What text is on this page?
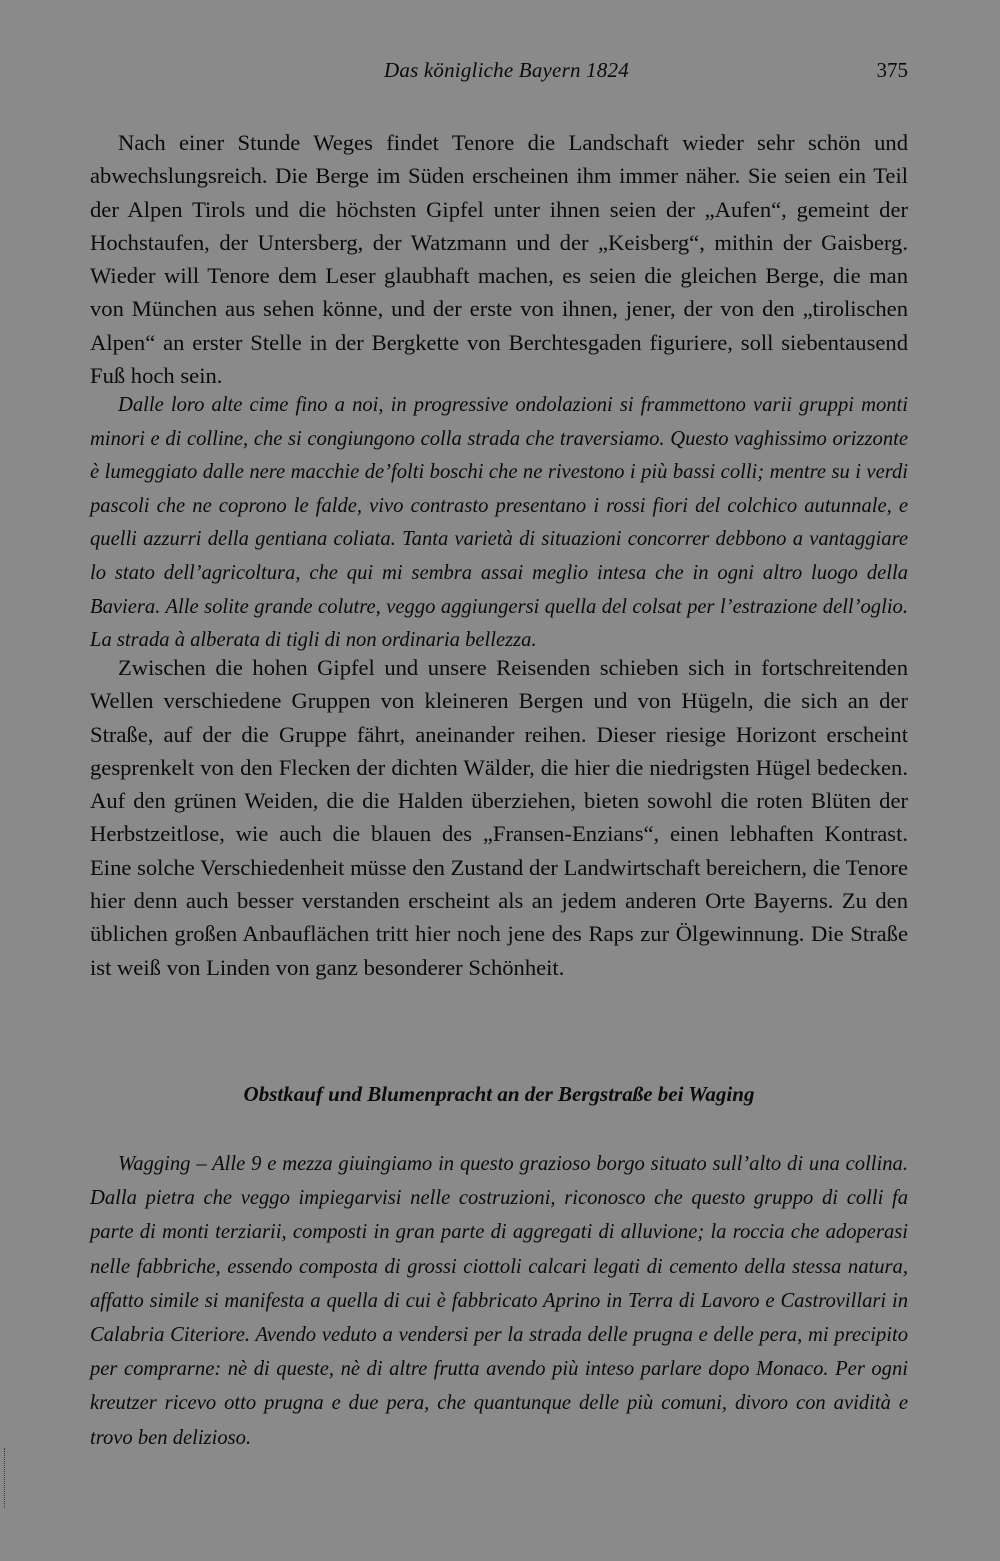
Das königliche Bayern 1824	375

Nach einer Stunde Weges findet Tenore die Landschaft wieder sehr schön und abwechslungsreich. Die Berge im Süden erscheinen ihm immer näher. Sie seien ein Teil der Alpen Tirols und die höchsten Gipfel unter ihnen seien der „Aufen“, gemeint der Hochstaufen, der Untersberg, der Watzmann und der „Keisberg“, mithin der Gaisberg. Wieder will Tenore dem Leser glaubhaft machen, es seien die gleichen Berge, die man von München aus sehen könne, und der erste von ihnen, jener, der von den „tirolischen Alpen“ an erster Stelle in der Bergkette von Berchtesgaden figuriere, soll siebentausend Fuß hoch sein.

Dalle loro alte cime fino a noi, in progressive ondolazioni si frammettono varii gruppi monti minori e di colline, che si congiungono colla strada che traversiamo. Questo vaghissimo orizzonte è lumeggiato dalle nere macchie de’folti boschi che ne rivestono i più bassi colli; mentre su i verdi pascoli che ne coprono le falde, vivo contrasto presentano i rossi fiori del colchico autunnale, e quelli azzurri della gentiana coliata. Tanta varietà di situazioni concorrer debbono a vantaggiare lo stato dell’agricoltura, che qui mi sembra assai meglio intesa che in ogni altro luogo della Baviera. Alle solite grande colutre, veggo aggiungersi quella del colsat per l’estrazione dell’oglio. La strada à alberata di tigli di non ordinaria bellezza.

Zwischen die hohen Gipfel und unsere Reisenden schieben sich in fortschreitenden Wellen verschiedene Gruppen von kleineren Bergen und von Hügeln, die sich an der Straße, auf der die Gruppe fährt, aneinander reihen. Dieser riesige Horizont erscheint gesprenkelt von den Flecken der dichten Wälder, die hier die niedrigsten Hügel bedecken. Auf den grünen Weiden, die die Halden überziehen, bieten sowohl die roten Blüten der Herbstzeitlose, wie auch die blauen des „Fransen-Enzians“, einen lebhaften Kontrast. Eine solche Verschiedenheit müsse den Zustand der Landwirtschaft bereichern, die Tenore hier denn auch besser verstanden erscheint als an jedem anderen Orte Bayerns. Zu den üblichen großen Anbauflächen tritt hier noch jene des Raps zur Ölgewinnung. Die Straße ist weiß von Linden von ganz besonderer Schönheit.

Obstkauf und Blumenpracht an der Bergstraße bei Waging

Wagging – Alle 9 e mezza giuingiamo in questo grazioso borgo situato sull’alto di una collina. Dalla pietra che veggo impiegarvisi nelle costruzioni, riconosco che questo gruppo di colli fa parte di monti terziarii, composti in gran parte di aggregati di alluvione; la roccia che adoperasi nelle fabbriche, essendo composta di grossi ciottoli calcari legati di cemento della stessa natura, affatto simile si manifesta a quella di cui è fabbricato Aprino in Terra di Lavoro e Castrovillari in Calabria Citeriore. Avendo veduto a vendersi per la strada delle prugna e delle pera, mi precipito per comprarne: nè di queste, nè di altre frutta avendo più inteso parlare dopo Monaco. Per ogni kreutzer ricevo otto prugna e due pera, che quantunque delle più comuni, divoro con avidità e trovo ben delizioso.
